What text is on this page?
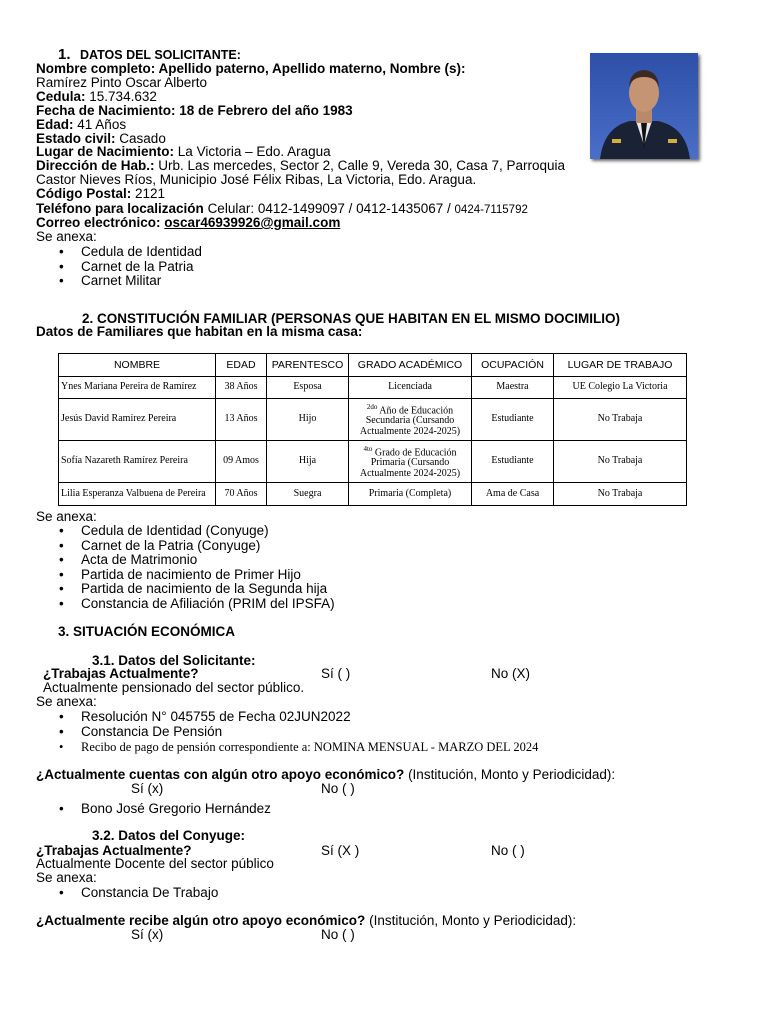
1. DATOS DEL SOLICITANTE:
Nombre completo: Apellido paterno, Apellido materno, Nombre (s):
Ramírez Pinto Oscar Alberto
Cedula: 15.734.632
Fecha de Nacimiento: 18 de Febrero del año 1983
Edad: 41 Años
Estado civil: Casado
Lugar de Nacimiento: La Victoria – Edo. Aragua
Dirección de Hab.: Urb. Las mercedes, Sector 2, Calle 9, Vereda 30, Casa 7, Parroquia
Castor Nieves Ríos, Municipio José Félix Ribas, La Victoria, Edo. Aragua.
Código Postal: 2121
Teléfono para localización Celular: 0412-1499097 / 0412-1435067 / 0424-7115792
Correo electrónico: oscar46939926@gmail.com
Se anexa:
• Cedula de Identidad
• Carnet de la Patria
• Carnet Militar
2. CONSTITUCIÓN FAMILIAR (PERSONAS QUE HABITAN EN EL MISMO DOCIMILIO)
Datos de Familiares que habitan en la misma casa:
NOMBRE	EDAD	PARENTESCO	GRADO ACADÉMICO	OCUPACIÓN	LUGAR DE TRABAJO
Ynes Mariana Pereira de Ramírez	38 Años	Esposa	Licenciada	Maestra	UE Colegio La Victoria
Jesús David Ramírez Pereira	13 Años	Hijo	$^{2do}$ Año de Educación Secundaria (Cursando Actualmente 2024-2025)	Estudiante	No Trabaja
Sofía Nazareth Ramírez Pereira	09 Amos	Hija	$^{4to}$ Grado de Educación Primaria (Cursando Actualmente 2024-2025)	Estudiante	No Trabaja
Lilia Esperanza Valbuena de Pereira	70 Años	Suegra	Primaria (Completa)	Ama de Casa	No Trabaja
Se anexa:
• Cedula de Identidad (Conyuge)
• Carnet de la Patria (Conyuge)
• Acta de Matrimonio
• Partida de nacimiento de Primer Hijo
• Partida de nacimiento de la Segunda hija
• Constancia de Afiliación (PRIM del IPSFA)
3. SITUACIÓN ECONÓMICA
3.1. Datos del Solicitante:
¿Trabajas Actualmente?	Sí ( )	No (X)
Actualmente pensionado del sector público.
Se anexa:
• Resolución N° 045755 de Fecha 02JUN2022
• Constancia De Pensión
• Recibo de pago de pensión correspondiente a: NOMINA MENSUAL - MARZO DEL 2024
¿Actualmente cuentas con algún otro apoyo económico? (Institución, Monto y Periodicidad):
Sí (x)	No ( )
• Bono José Gregorio Hernández
3.2. Datos del Conyuge:
¿Trabajas Actualmente?	Sí (X )	No ( )
Actualmente Docente del sector público
Se anexa:
• Constancia De Trabajo
¿Actualmente recibe algún otro apoyo económico? (Institución, Monto y Periodicidad):
Sí (x)	No ( )
